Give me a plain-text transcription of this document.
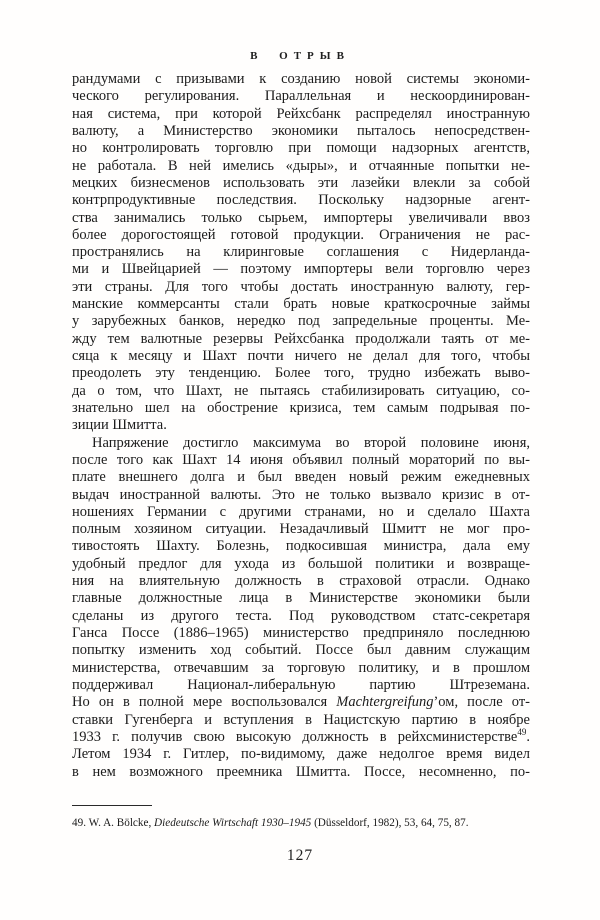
В ОТРЫВ
рандумами с призывами к созданию новой системы экономи-
ческого регулирования. Параллельная и нескоординирован-
ная система, при которой Рейхсбанк распределял иностранную
валюту, а Министерство экономики пыталось непосредствен-
но контролировать торговлю при помощи надзорных агентств,
не работала. В ней имелись «дыры», и отчаянные попытки не-
мецких бизнесменов использовать эти лазейки влекли за собой
контрпродуктивные последствия. Поскольку надзорные агент-
ства занимались только сырьем, импортеры увеличивали ввоз
более дорогостоящей готовой продукции. Ограничения не рас-
пространялись на клиринговые соглашения с Нидерланда-
ми и Швейцарией — поэтому импортеры вели торговлю через
эти страны. Для того чтобы достать иностранную валюту, гер-
манские коммерсанты стали брать новые краткосрочные займы
у зарубежных банков, нередко под запредельные проценты. Ме-
жду тем валютные резервы Рейхсбанка продолжали таять от ме-
сяца к месяцу и Шахт почти ничего не делал для того, чтобы
преодолеть эту тенденцию. Более того, трудно избежать выво-
да о том, что Шахт, не пытаясь стабилизировать ситуацию, со-
знательно шел на обострение кризиса, тем самым подрывая по-
зиции Шмитта.
Напряжение достигло максимума во второй половине июня,
после того как Шахт 14 июня объявил полный мораторий по вы-
плате внешнего долга и был введен новый режим ежедневных
выдач иностранной валюты. Это не только вызвало кризис в от-
ношениях Германии с другими странами, но и сделало Шахта
полным хозяином ситуации. Незадачливый Шмитт не мог про-
тивостоять Шахту. Болезнь, подкосившая министра, дала ему
удобный предлог для ухода из большой политики и возвраще-
ния на влиятельную должность в страховой отрасли. Однако
главные должностные лица в Министерстве экономики были
сделаны из другого теста. Под руководством статс-секретаря
Ганса Поссе (1886–1965) министерство предприняло последнюю
попытку изменить ход событий. Поссе был давним служащим
министерства, отвечавшим за торговую политику, и в прошлом
поддерживал Национал-либеральную партию Штреземана.
Но он в полной мере воспользовался Machtergreifung’ом, после от-
ставки Гугенберга и вступления в Нацистскую партию в ноябре
1933 г. получив свою высокую должность в рейхсминистерстве$^{49}$.
Летом 1934 г. Гитлер, по-видимому, даже недолгое время видел
в нем возможного преемника Шмитта. Поссе, несомненно, по-
49. W. A. Bölcke, Diedeutsche Wirtschaft 1930–1945 (Düsseldorf, 1982), 53, 64, 75, 87.
127
